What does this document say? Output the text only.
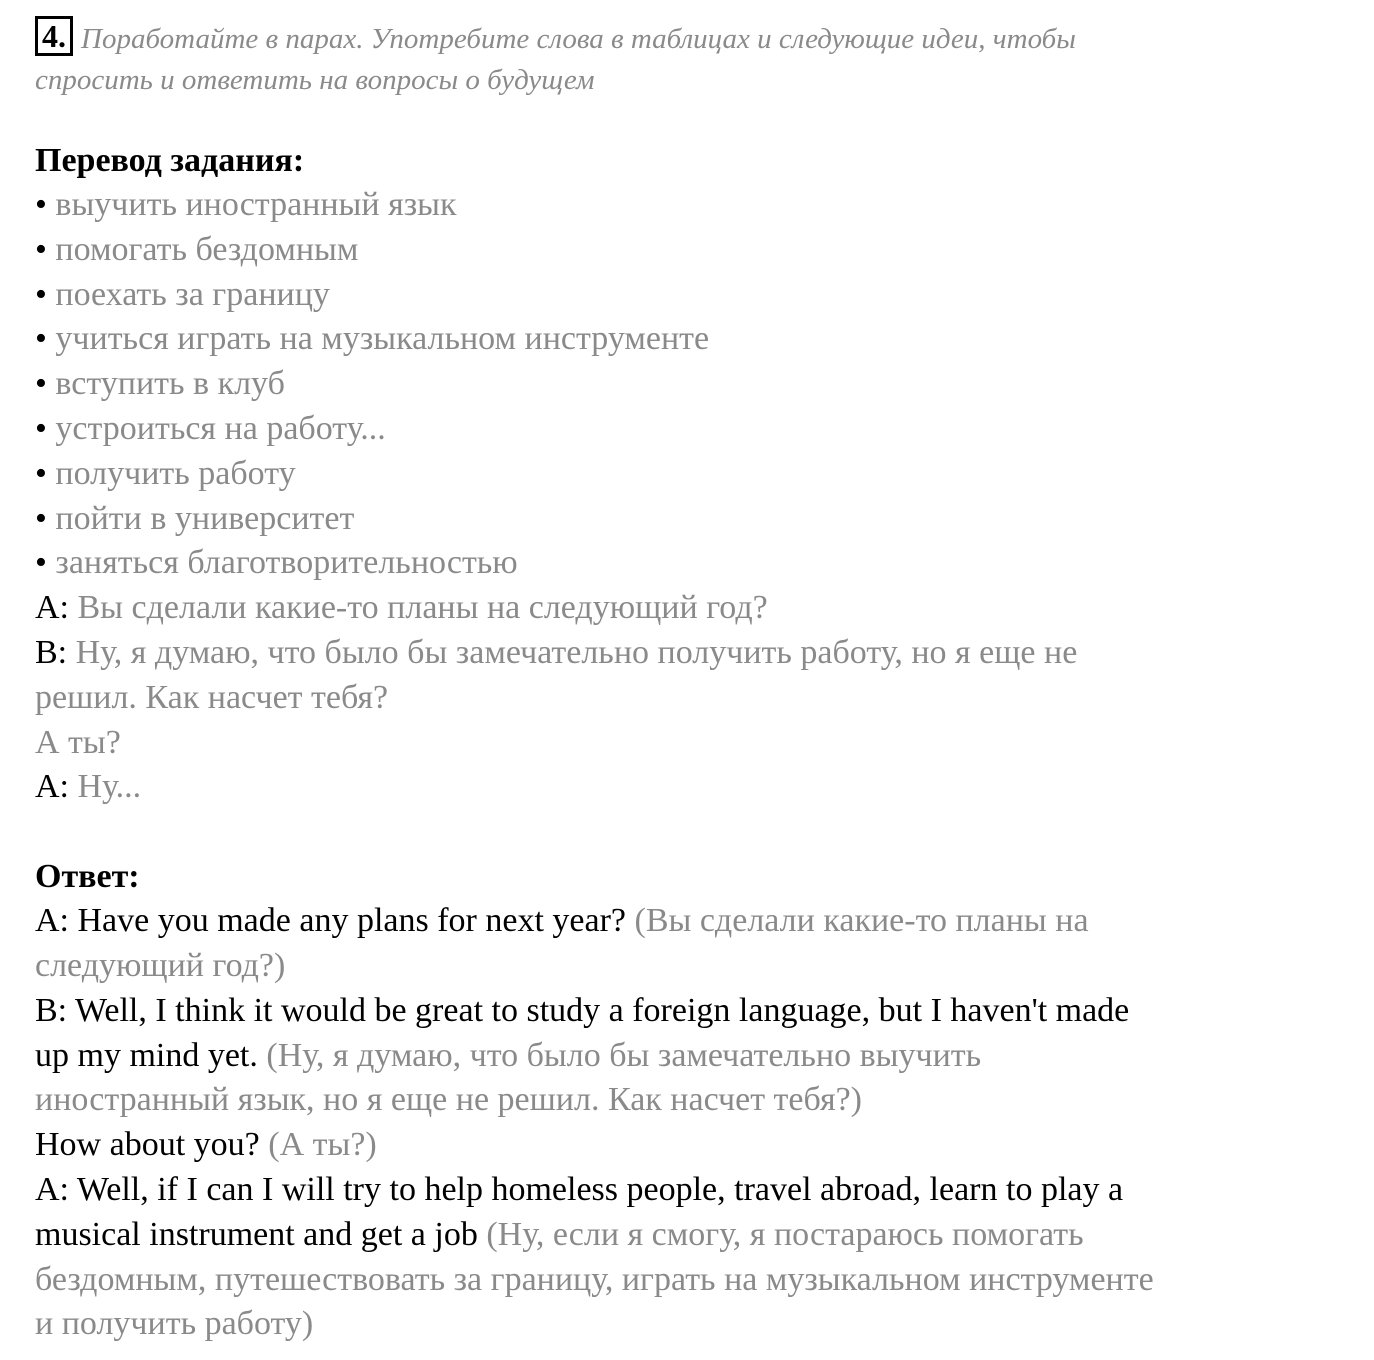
4. Поработайте в парах. Употребите слова в таблицах и следующие идеи, чтобы
спросить и ответить на вопросы о будущем

Перевод задания:

• выучить иностранный язык

• помогать бездомным

• поехать за границу

• учиться играть на музыкальном инструменте

• вступить в клуб

• устроиться на работу...

• получить работу

• пойти в университет

• заняться благотворительностью

A: Вы сделали какие-то планы на следующий год?

B: Ну, я думаю, что было бы замечательно получить работу, но я еще не

решил. Как насчет тебя?

А ты?

A: Ну...

Ответ:

A: Have you made any plans for next year? (Вы сделали какие-то планы на

следующий год?)

B: Well, I think it would be great to study a foreign language, but I haven't made

up my mind yet. (Ну, я думаю, что было бы замечательно выучить

иностранный язык, но я еще не решил. Как насчет тебя?)

How about you? (А ты?)

A: Well, if I can I will try to help homeless people, travel abroad, learn to play a

musical instrument and get a job (Ну, если я смогу, я постараюсь помогать

бездомным, путешествовать за границу, играть на музыкальном инструменте

и получить работу)
